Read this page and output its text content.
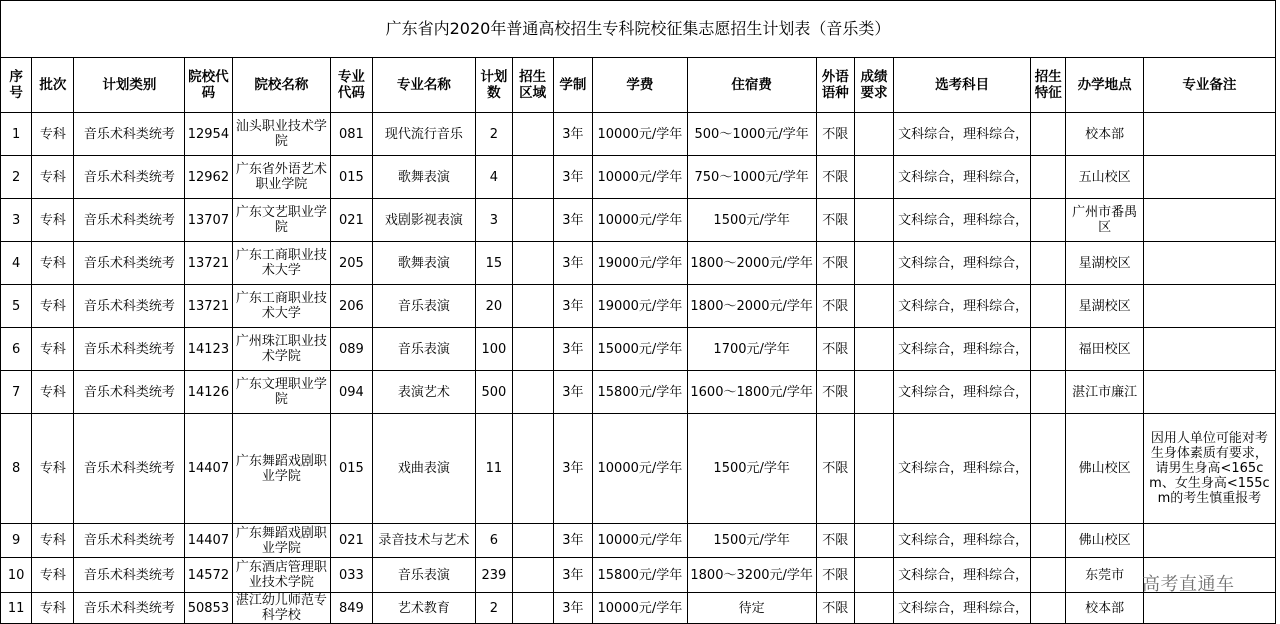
广东省内2020年普通高校招生专科院校征集志愿招生计划表（音乐类）																	
序号	批次	计划类别	院校代码	院校名称	专业代码	专业名称	计划数	招生区域	学制	学费	住宿费	外语语种	成绩要求	选考科目	招生特征	办学地点	专业备注
1	专科	音乐术科类统考	12954	汕头职业技术学院	081	现代流行音乐	2		3年	10000元/学年	500～1000元/学年	不限		文科综合，理科综合，		校本部	
2	专科	音乐术科类统考	12962	广东省外语艺术职业学院	015	歌舞表演	4		3年	10000元/学年	750～1000元/学年	不限		文科综合，理科综合，		五山校区	
3	专科	音乐术科类统考	13707	广东文艺职业学院	021	戏剧影视表演	3		3年	10000元/学年	1500元/学年	不限		文科综合，理科综合，		广州市番禺区	
4	专科	音乐术科类统考	13721	广东工商职业技术大学	205	歌舞表演	15		3年	19000元/学年	1800～2000元/学年	不限		文科综合，理科综合，		星湖校区	
5	专科	音乐术科类统考	13721	广东工商职业技术大学	206	音乐表演	20		3年	19000元/学年	1800～2000元/学年	不限		文科综合，理科综合，		星湖校区	
6	专科	音乐术科类统考	14123	广州珠江职业技术学院	089	音乐表演	100		3年	15000元/学年	1700元/学年	不限		文科综合，理科综合，		福田校区	
7	专科	音乐术科类统考	14126	广东文理职业学院	094	表演艺术	500		3年	15800元/学年	1600～1800元/学年	不限		文科综合，理科综合，		湛江市廉江	
8	专科	音乐术科类统考	14407	广东舞蹈戏剧职业学院	015	戏曲表演	11		3年	10000元/学年	1500元/学年	不限		文科综合，理科综合，		佛山校区	因用人单位可能对考生身体素质有要求，请男生身高<165cm、女生身高<155cm的考生慎重报考
9	专科	音乐术科类统考	14407	广东舞蹈戏剧职业学院	021	录音技术与艺术	6		3年	10000元/学年	1500元/学年	不限		文科综合，理科综合，		佛山校区	
10	专科	音乐术科类统考	14572	广东酒店管理职业技术学院	033	音乐表演	239		3年	15800元/学年	1800～3200元/学年	不限		文科综合，理科综合，		东莞市	
11	专科	音乐术科类统考	50853	湛江幼儿师范专科学校	849	艺术教育	2		3年	10000元/学年	待定	不限		文科综合，理科综合，		校本部	
高考直通车
